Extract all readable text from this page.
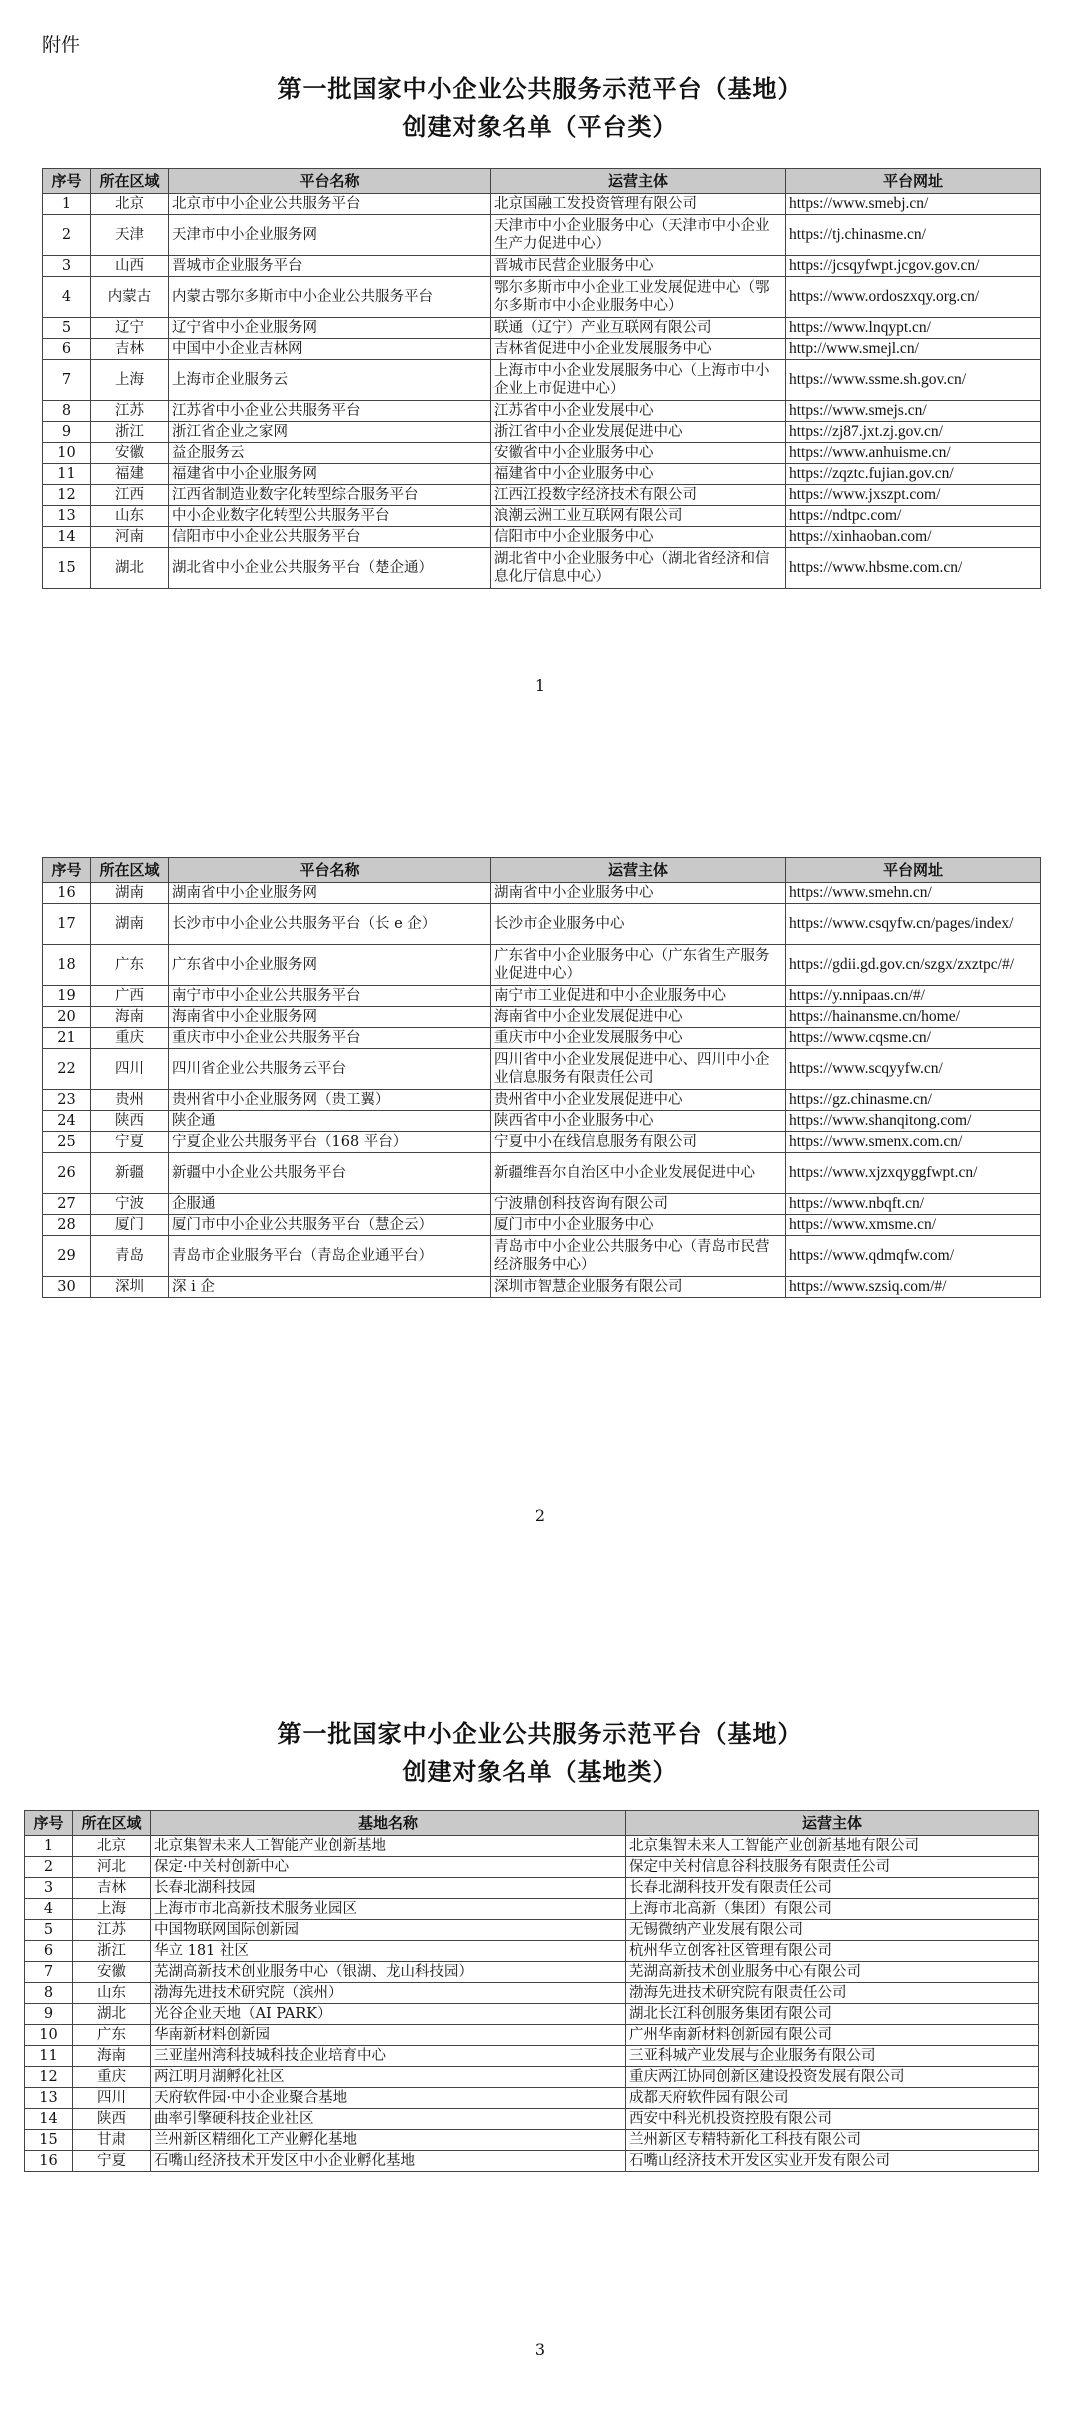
附件
第一批国家中小企业公共服务示范平台（基地）
创建对象名单（平台类）
序号	所在区域	平台名称	运营主体	平台网址
1	北京	北京市中小企业公共服务平台	北京国融工发投资管理有限公司	https://www.smebj.cn/
2	天津	天津市中小企业服务网	天津市中小企业服务中心（天津市中小企业生产力促进中心）	https://tj.chinasme.cn/
3	山西	晋城市企业服务平台	晋城市民营企业服务中心	https://jcsqyfwpt.jcgov.gov.cn/
4	内蒙古	内蒙古鄂尔多斯市中小企业公共服务平台	鄂尔多斯市中小企业工业发展促进中心（鄂尔多斯市中小企业服务中心）	https://www.ordoszxqy.org.cn/
5	辽宁	辽宁省中小企业服务网	联通（辽宁）产业互联网有限公司	https://www.lnqypt.cn/
6	吉林	中国中小企业吉林网	吉林省促进中小企业发展服务中心	http://www.smejl.cn/
7	上海	上海市企业服务云	上海市中小企业发展服务中心（上海市中小企业上市促进中心）	https://www.ssme.sh.gov.cn/
8	江苏	江苏省中小企业公共服务平台	江苏省中小企业发展中心	https://www.smejs.cn/
9	浙江	浙江省企业之家网	浙江省中小企业发展促进中心	https://zj87.jxt.zj.gov.cn/
10	安徽	益企服务云	安徽省中小企业服务中心	https://www.anhuisme.cn/
11	福建	福建省中小企业服务网	福建省中小企业服务中心	https://zqztc.fujian.gov.cn/
12	江西	江西省制造业数字化转型综合服务平台	江西江投数字经济技术有限公司	https://www.jxszpt.com/
13	山东	中小企业数字化转型公共服务平台	浪潮云洲工业互联网有限公司	https://ndtpc.com/
14	河南	信阳市中小企业公共服务平台	信阳市中小企业服务中心	https://xinhaoban.com/
15	湖北	湖北省中小企业公共服务平台（楚企通）	湖北省中小企业服务中心（湖北省经济和信息化厅信息中心）	https://www.hbsme.com.cn/
1
序号	所在区域	平台名称	运营主体	平台网址
16	湖南	湖南省中小企业服务网	湖南省中小企业服务中心	https://www.smehn.cn/
17	湖南	长沙市中小企业公共服务平台（长 e 企）	长沙市企业服务中心	https://www.csqyfw.cn/pages/index/
18	广东	广东省中小企业服务网	广东省中小企业服务中心（广东省生产服务业促进中心）	https://gdii.gd.gov.cn/szgx/zxztpc/#/
19	广西	南宁市中小企业公共服务平台	南宁市工业促进和中小企业服务中心	https://y.nnipaas.cn/#/
20	海南	海南省中小企业服务网	海南省中小企业发展促进中心	https://hainansme.cn/home/
21	重庆	重庆市中小企业公共服务平台	重庆市中小企业发展服务中心	https://www.cqsme.cn/
22	四川	四川省企业公共服务云平台	四川省中小企业发展促进中心、四川中小企业信息服务有限责任公司	https://www.scqyyfw.cn/
23	贵州	贵州省中小企业服务网（贵工翼）	贵州省中小企业发展促进中心	https://gz.chinasme.cn/
24	陕西	陕企通	陕西省中小企业服务中心	https://www.shanqitong.com/
25	宁夏	宁夏企业公共服务平台（168 平台）	宁夏中小在线信息服务有限公司	https://www.smenx.com.cn/
26	新疆	新疆中小企业公共服务平台	新疆维吾尔自治区中小企业发展促进中心	https://www.xjzxqyggfwpt.cn/
27	宁波	企服通	宁波鼎创科技咨询有限公司	https://www.nbqft.cn/
28	厦门	厦门市中小企业公共服务平台（慧企云）	厦门市中小企业服务中心	https://www.xmsme.cn/
29	青岛	青岛市企业服务平台（青岛企业通平台）	青岛市中小企业公共服务中心（青岛市民营经济服务中心）	https://www.qdmqfw.com/
30	深圳	深 i 企	深圳市智慧企业服务有限公司	https://www.szsiq.com/#/
2
第一批国家中小企业公共服务示范平台（基地）
创建对象名单（基地类）
序号	所在区域	基地名称	运营主体
1	北京	北京集智未来人工智能产业创新基地	北京集智未来人工智能产业创新基地有限公司
2	河北	保定·中关村创新中心	保定中关村信息谷科技服务有限责任公司
3	吉林	长春北湖科技园	长春北湖科技开发有限责任公司
4	上海	上海市市北高新技术服务业园区	上海市北高新（集团）有限公司
5	江苏	中国物联网国际创新园	无锡微纳产业发展有限公司
6	浙江	华立 181 社区	杭州华立创客社区管理有限公司
7	安徽	芜湖高新技术创业服务中心（银湖、龙山科技园）	芜湖高新技术创业服务中心有限公司
8	山东	渤海先进技术研究院（滨州）	渤海先进技术研究院有限责任公司
9	湖北	光谷企业天地（AI PARK）	湖北长江科创服务集团有限公司
10	广东	华南新材料创新园	广州华南新材料创新园有限公司
11	海南	三亚崖州湾科技城科技企业培育中心	三亚科城产业发展与企业服务有限公司
12	重庆	两江明月湖孵化社区	重庆两江协同创新区建设投资发展有限公司
13	四川	天府软件园·中小企业聚合基地	成都天府软件园有限公司
14	陕西	曲率引擎硬科技企业社区	西安中科光机投资控股有限公司
15	甘肃	兰州新区精细化工产业孵化基地	兰州新区专精特新化工科技有限公司
16	宁夏	石嘴山经济技术开发区中小企业孵化基地	石嘴山经济技术开发区实业开发有限公司
3
